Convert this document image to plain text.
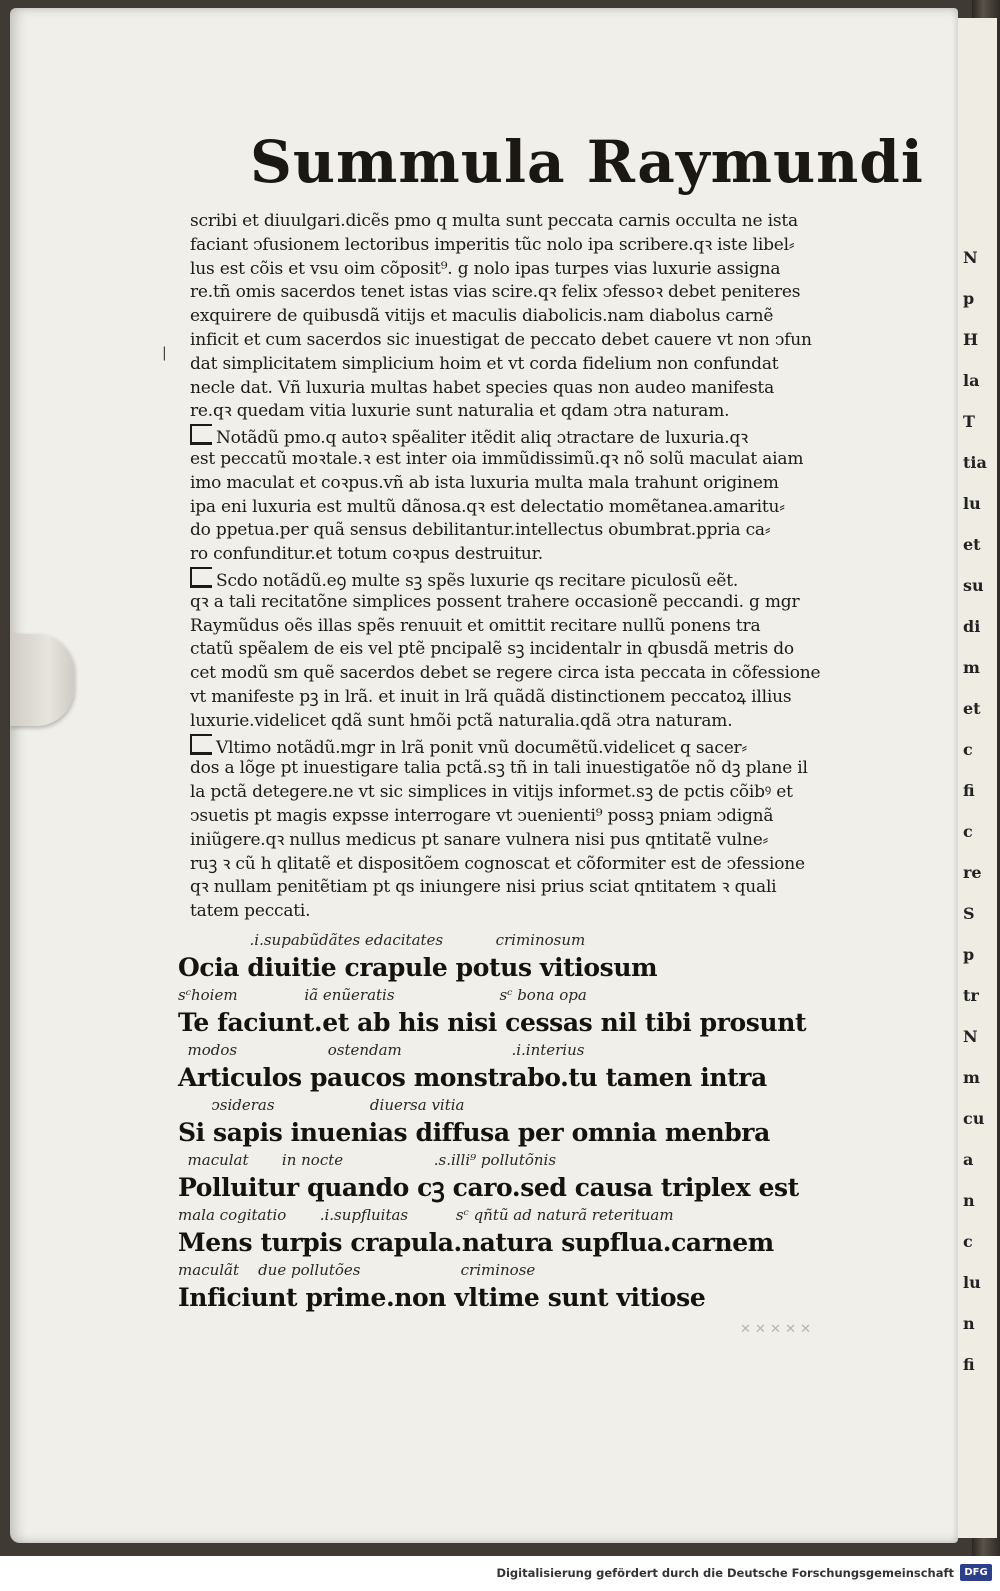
N
p
H
la
T
tia
lu
et
su
di
m
et
c
fi
c
re
S
p
tr
N
m
cu
a
n
c
lu
n
fi
Summula Raymundi
|
scribi et diuulgari.dicẽs pmo q multa sunt peccata carnis occulta ne ista
faciant ↄfusionem lectoribus imperitis tũc nolo ipa scribere.qꝛ iste libel⸗
lus est cõis et vsu oim cõposit⁹. g nolo ipas turpes vias luxurie assigna
re.tñ omis sacerdos tenet istas vias scire.qꝛ felix ↄfessoꝛ debet peniteres
exquirere de quibusdã vitijs et maculis diabolicis.nam diabolus carnẽ
inficit et cum sacerdos sic inuestigat de peccato debet cauere vt non ↄfun
dat simplicitatem simplicium hoim et vt corda fidelium non confundat
necle dat. Vñ luxuria multas habet species quas non audeo manifesta
re.qꝛ quedam vitia luxurie sunt naturalia et qdam ɔtra naturam.
Notãdũ pmo.q autoꝛ spẽaliter itẽdit aliq ɔtractare de luxuria.qꝛ
est peccatũ moꝛtale.ꝛ est inter oia immũdissimũ.qꝛ nõ solũ maculat aiam
imo maculat et coꝛpus.vñ ab ista luxuria multa mala trahunt originem
ipa eni luxuria est multũ dãnosa.qꝛ est delectatio momẽtanea.amaritu⸗
do ppetua.per quã sensus debilitantur.intellectus obumbrat.ppria ca⸗
ro confunditur.et totum coꝛpus destruitur.
Scdo notãdũ.eꝯ multe sꝫ spẽs luxurie qs recitare piculosũ eẽt.
qꝛ a tali recitatõne simplices possent trahere occasionẽ peccandi. g mgr
Raymũdus oẽs illas spẽs renuuit et omittit recitare nullũ ponens tra
ctatũ spẽalem de eis vel ptẽ pncipalẽ sꝫ incidentalr in qbusdã metris do
cet modũ sm quẽ sacerdos debet se regere circa ista peccata in cõfessione
vt manifeste pꝫ in lrã. et inuit in lrã quãdã distinctionem peccatoꝝ illius
luxurie.videlicet qdã sunt hmõi pctã naturalia.qdã ɔtra naturam.
Vltimo notãdũ.mgr in lrã ponit vnũ documẽtũ.videlicet q sacer⸗
dos a lõge pt inuestigare talia pctã.sꝫ tñ in tali inuestigatõe nõ dꝫ plane il
la pctã detegere.ne vt sic simplices in vitijs informet.sꝫ de pctis cõibꝰ et
ↄsuetis pt magis expsse interrogare vt ↄuenienti⁹ possꝫ pniam ↄdignã
iniũgere.qꝛ nullus medicus pt sanare vulnera nisi pus qntitatẽ vulne⸗
ruꝫ ꝛ cũ h qlitatẽ et dispositõem cognoscat et cõformiter est de ↄfessione
qꝛ nullam penitẽtiam pt qs iniungere nisi prius sciat qntitatem ꝛ quali
tatem peccati.
.i.supabũdãtes edacitates           criminosum
Ocia diuitie crapule potus vitiosum
sᶜhoiem              iã enũeratis                      sᶜ bona opa
Te faciunt.et ab his nisi cessas nil tibi prosunt
modos                   ostendam                       .i.interius
Articulos paucos monstrabo.tu tamen intra
ↄsideras                    diuersa vitia
Si sapis inuenias diffusa per omnia menbra
maculat       in nocte                   .s.illi⁹ pollutõnis
Polluitur quando cꝫ caro.sed causa triplex est
mala cogitatio       .i.supfluitas          sᶜ qñtũ ad naturã reterituam
Mens turpis crapula.natura supflua.carnem
maculãt    due pollutões                     criminose
Inficiunt prime.non vltime sunt vitiose
✕ ✕ ✕ ✕ ✕
Digitalisierung gefördert durch die Deutsche Forschungsgemeinschaft	DFG
